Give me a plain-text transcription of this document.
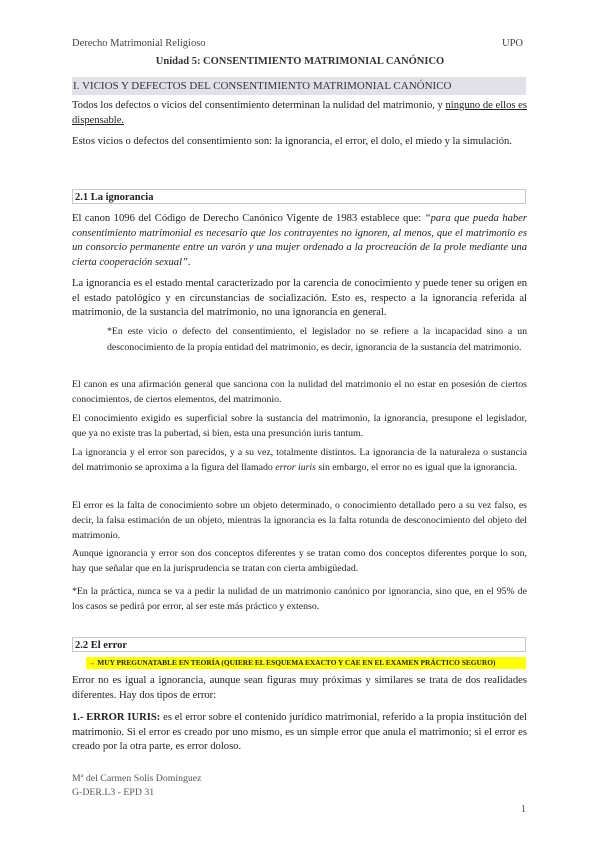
Derecho Matrimonial Religioso	UPO
Unidad 5: CONSENTIMIENTO MATRIMONIAL CANÓNICO
I. VICIOS Y DEFECTOS DEL CONSENTIMIENTO MATRIMONIAL CANÓNICO

Todos los defectos o vicios del consentimiento determinan la nulidad del matrimonio, y ninguno de ellos es dispensable.

Estos vicios o defectos del consentimiento son: la ignorancia, el error, el dolo, el miedo y la simulación.

2.1 La ignorancia

El canon 1096 del Código de Derecho Canónico Vigente de 1983 establece que: “para que pueda haber consentimiento matrimonial es necesario que los contrayentes no ignoren, al menos, que el matrimonio es un consorcio permanente entre un varón y una mujer ordenado a la procreación de la prole mediante una cierta cooperación sexual”.

La ignorancia es el estado mental caracterizado por la carencia de conocimiento y puede tener su origen en el estado patológico y en circunstancias de socialización. Esto es, respecto a la ignorancia referida al matrimonio, de la sustancia del matrimonio, no una ignorancia en general.

*En este vicio o defecto del consentimiento, el legislador no se refiere a la incapacidad sino a un desconocimiento de la propia entidad del matrimonio, es decir, ignorancia de la sustancia del matrimonio.

El canon es una afirmación general que sanciona con la nulidad del matrimonio el no estar en posesión de ciertos conocimientos, de ciertos elementos, del matrimonio.

El conocimiento exigido es superficial sobre la sustancia del matrimonio, la ignorancia, presupone el legislador, que ya no existe tras la pubertad, si bien, esta una presunción iuris tantum.

La ignorancia y el error son parecidos, y a su vez, totalmente distintos. La ignorancia de la naturaleza o sustancia del matrimonio se aproxima a la figura del llamado error iuris sin embargo, el error no es igual que la ignorancia.

El error es la falta de conocimiento sobre un objeto determinado, o conocimiento detallado pero a su vez falso, es decir, la falsa estimación de un objeto, mientras la ignorancia es la falta rotunda de desconocimiento del objeto del matrimonio.

Aunque ignorancia y error son dos conceptos diferentes y se tratan como dos conceptos diferentes porque lo son, hay que señalar que en la jurisprudencia se tratan con cierta ambigüedad.

*En la práctica, nunca se va a pedir la nulidad de un matrimonio canónico por ignorancia, sino que, en el 95% de los casos se pedirá por error, al ser este más práctico y extenso.

2.2 El error
→ MUY PREGUNATABLE EN TEORÍA (QUIERE EL ESQUEMA EXACTO Y CAE EN EL EXAMEN PRÁCTICO SEGURO)

Error no es igual a ignorancia, aunque sean figuras muy próximas y similares se trata de dos realidades diferentes. Hay dos tipos de error:

1.- ERROR IURIS: es el error sobre el contenido jurídico matrimonial, referido a la propia institución del matrimonio. Si el error es creado por uno mismo, es un simple error que anula el matrimonio; si el error es creado por la otra parte, es error doloso.

Mª del Carmen Solís Domínguez
G-DER.L3 - EPD 31
1
